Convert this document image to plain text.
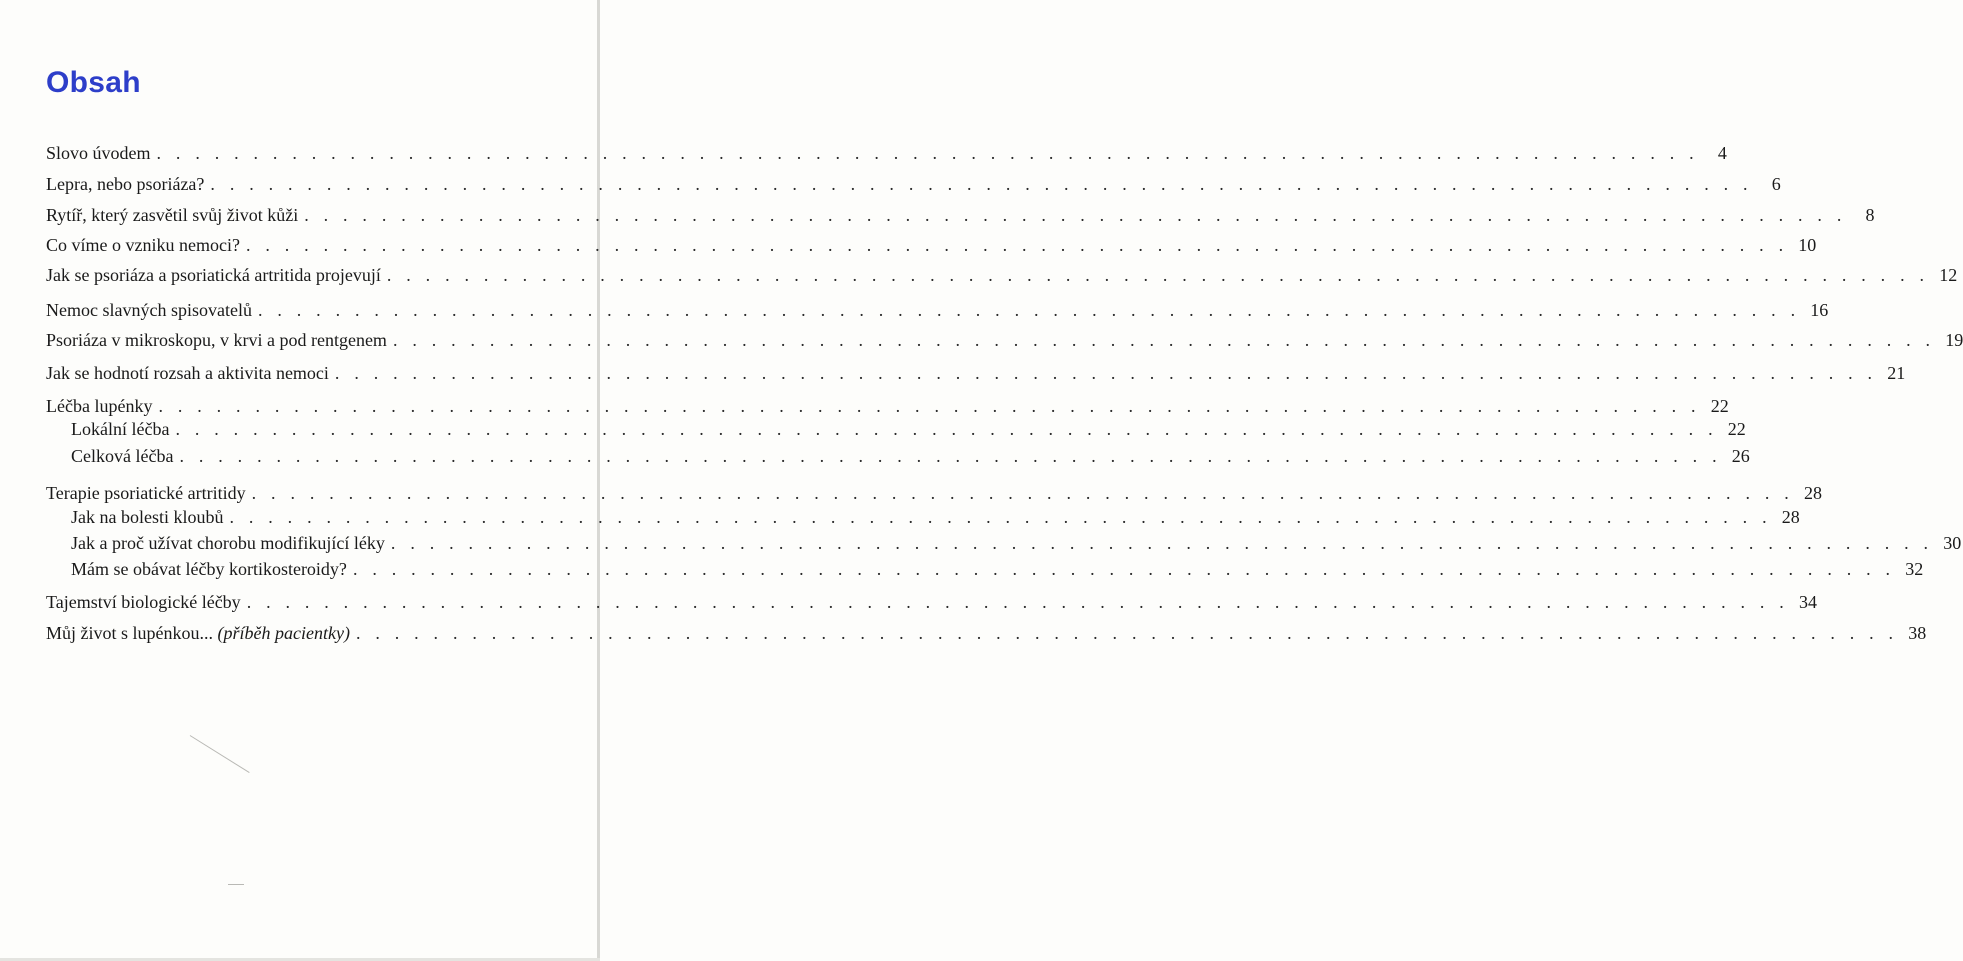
Obsah
Slovo úvodem . . . . . . . . . . . . . . . . . . . . . . . . . . . . . . . . . . . . . . . . . . . . . . . . . . . . . . . . . . . . . . . . . . . . . . . . . . . . . . . .	4
Lepra, nebo psoriáza? . . . . . . . . . . . . . . . . . . . . . . . . . . . . . . . . . . . . . . . . . . . . . . . . . . . . . . . . . . . . . . . . . . . . . . . . . . . . . . . .	6
Rytíř, který zasvětil svůj život kůži . . . . . . . . . . . . . . . . . . . . . . . . . . . . . . . . . . . . . . . . . . . . . . . . . . . . . . . . . . . . . . . . . . . . . . . . . . . . . . . .	8
Co víme o vzniku nemoci? . . . . . . . . . . . . . . . . . . . . . . . . . . . . . . . . . . . . . . . . . . . . . . . . . . . . . . . . . . . . . . . . . . . . . . . . . . . . . . . . 10
Jak se psoriáza a psoriatická artritida projevují . . . . . . . . . . . . . . . . . . . . . . . . . . . . . . . . . . . . . . . . . . . . . . . . . . . . . . . . . . . . . . . . . . . . . . . . . . . . . . . . 12
Nemoc slavných spisovatelů . . . . . . . . . . . . . . . . . . . . . . . . . . . . . . . . . . . . . . . . . . . . . . . . . . . . . . . . . . . . . . . . . . . . . . . . . . . . . . . . 16
Psoriáza v mikroskopu, v krvi a pod rentgenem . . . . . . . . . . . . . . . . . . . . . . . . . . . . . . . . . . . . . . . . . . . . . . . . . . . . . . . . . . . . . . . . . . . . . . . . . . . . . . . . 19
Jak se hodnotí rozsah a aktivita nemoci . . . . . . . . . . . . . . . . . . . . . . . . . . . . . . . . . . . . . . . . . . . . . . . . . . . . . . . . . . . . . . . . . . . . . . . . . . . . . . . . 21
Léčba lupénky . . . . . . . . . . . . . . . . . . . . . . . . . . . . . . . . . . . . . . . . . . . . . . . . . . . . . . . . . . . . . . . . . . . . . . . . . . . . . . . . 22
Lokální léčba . . . . . . . . . . . . . . . . . . . . . . . . . . . . . . . . . . . . . . . . . . . . . . . . . . . . . . . . . . . . . . . . . . . . . . . . . . . . . . . . 22
Celková léčba . . . . . . . . . . . . . . . . . . . . . . . . . . . . . . . . . . . . . . . . . . . . . . . . . . . . . . . . . . . . . . . . . . . . . . . . . . . . . . . . 26
Terapie psoriatické artritidy . . . . . . . . . . . . . . . . . . . . . . . . . . . . . . . . . . . . . . . . . . . . . . . . . . . . . . . . . . . . . . . . . . . . . . . . . . . . . . . . 28
Jak na bolesti kloubů . . . . . . . . . . . . . . . . . . . . . . . . . . . . . . . . . . . . . . . . . . . . . . . . . . . . . . . . . . . . . . . . . . . . . . . . . . . . . . . . 28
Jak a proč užívat chorobu modifikující léky . . . . . . . . . . . . . . . . . . . . . . . . . . . . . . . . . . . . . . . . . . . . . . . . . . . . . . . . . . . . . . . . . . . . . . . . . . . . . . . . 30
Mám se obávat léčby kortikosteroidy? . . . . . . . . . . . . . . . . . . . . . . . . . . . . . . . . . . . . . . . . . . . . . . . . . . . . . . . . . . . . . . . . . . . . . . . . . . . . . . . . 32
Tajemství biologické léčby . . . . . . . . . . . . . . . . . . . . . . . . . . . . . . . . . . . . . . . . . . . . . . . . . . . . . . . . . . . . . . . . . . . . . . . . . . . . . . . . 34
Můj život s lupénkou... (příběh pacientky) . . . . . . . . . . . . . . . . . . . . . . . . . . . . . . . . . . . . . . . . . . . . . . . . . . . . . . . . . . . . . . . . . . . . . . . . . . . . . . . . 38
